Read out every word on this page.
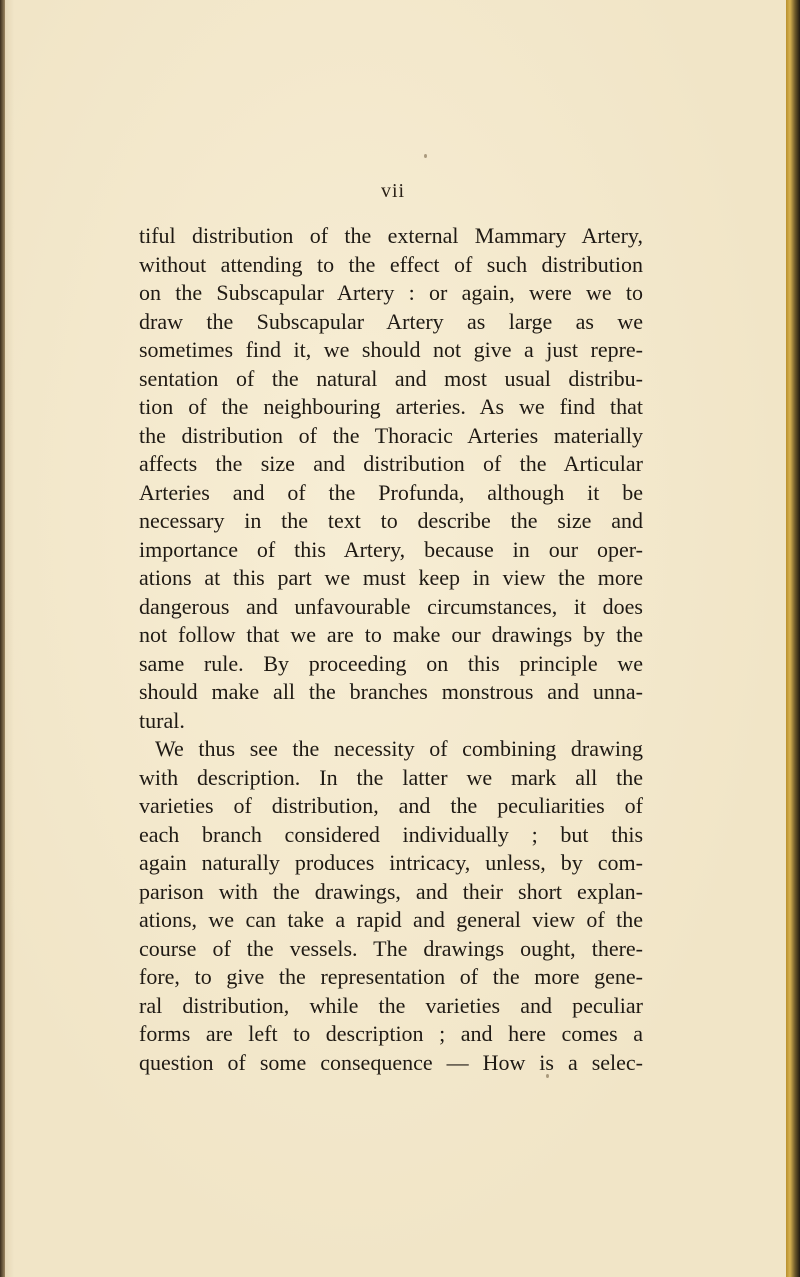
vii

tiful distribution of the external Mammary Artery,
without attending to the effect of such distribution
on the Subscapular Artery : or again, were we to
draw the Subscapular Artery as large as we
sometimes find it, we should not give a just repre-
sentation of the natural and most usual distribu-
tion of the neighbouring arteries. As we find that
the distribution of the Thoracic Arteries materially
affects the size and distribution of the Articular
Arteries and of the Profunda, although it be
necessary in the text to describe the size and
importance of this Artery, because in our oper-
ations at this part we must keep in view the more
dangerous and unfavourable circumstances, it does
not follow that we are to make our drawings by the
same rule. By proceeding on this principle we
should make all the branches monstrous and unna-
tural.
We thus see the necessity of combining drawing
with description. In the latter we mark all the
varieties of distribution, and the peculiarities of
each branch considered individually ; but this
again naturally produces intricacy, unless, by com-
parison with the drawings, and their short explan-
ations, we can take a rapid and general view of the
course of the vessels. The drawings ought, there-
fore, to give the representation of the more gene-
ral distribution, while the varieties and peculiar
forms are left to description ; and here comes a
question of some consequence — How is a selec-
